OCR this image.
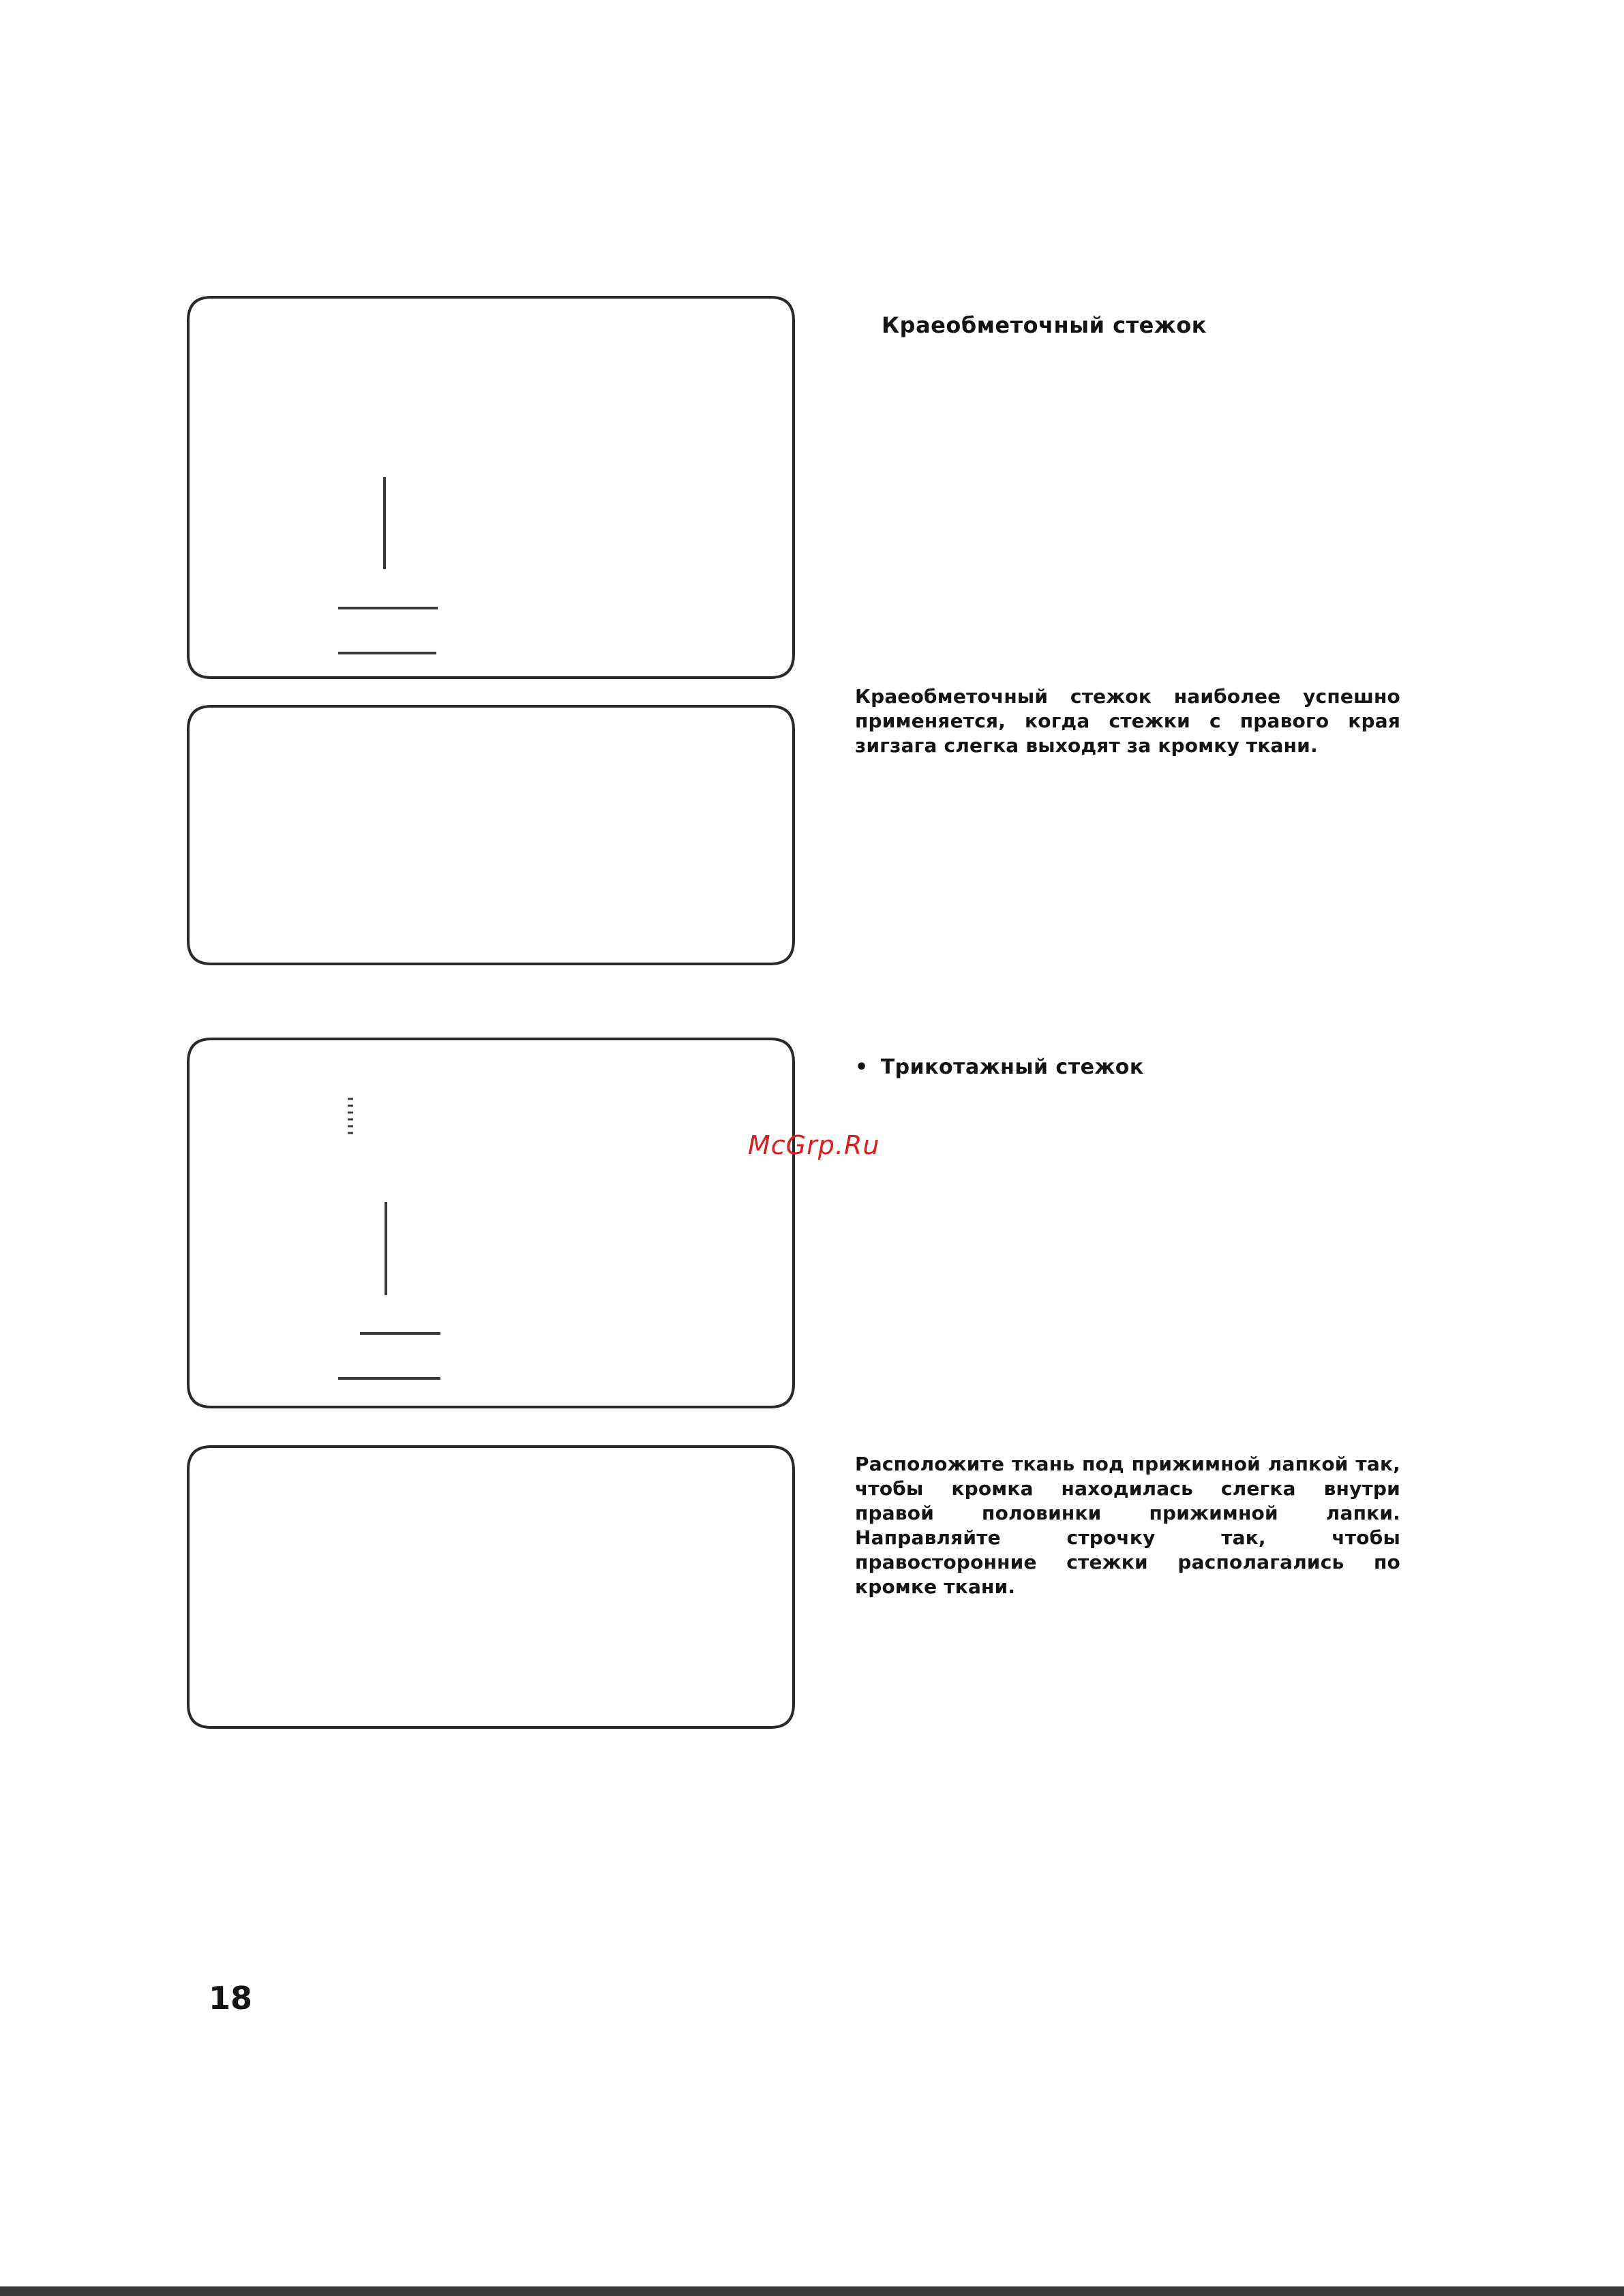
Краеобметочный стежок
Краеобметочный стежок наиболее успешно применяется, когда стежки с правого края зигзага слегка выходят за кромку ткани.
• Трикотажный стежок
Расположите ткань под прижимной лапкой так, чтобы кромка находилась слегка внутри правой половинки прижимной лапки. Направляйте строчку так, чтобы правосторонние стежки располагались по кромке ткани.
McGrp.Ru
18
